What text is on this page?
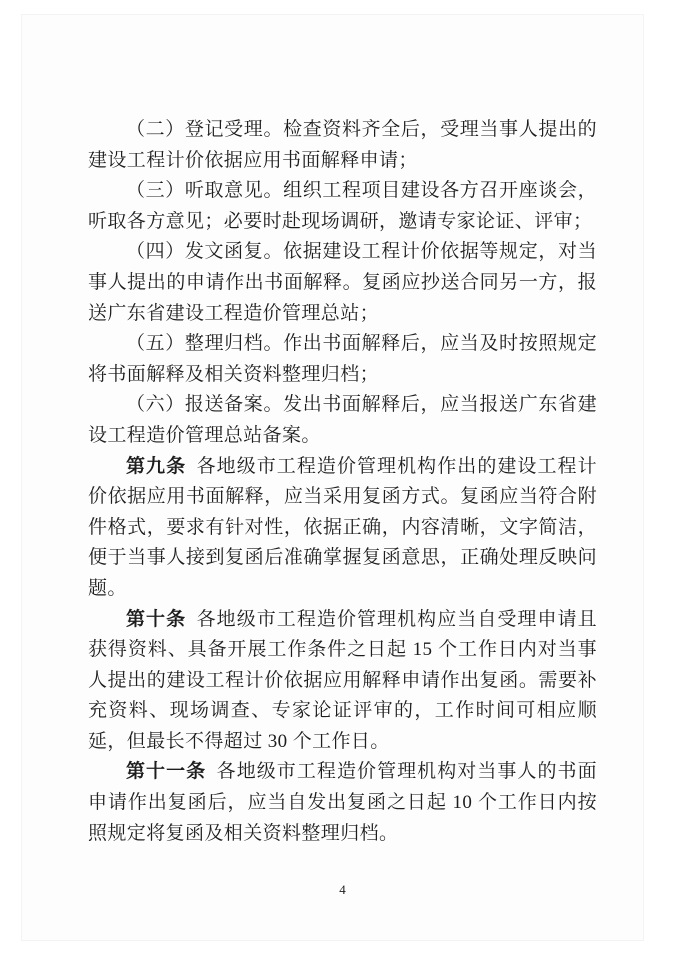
（二）登记受理。检查资料齐全后，受理当事人提出的建设工程计价依据应用书面解释申请；

（三）听取意见。组织工程项目建设各方召开座谈会，听取各方意见；必要时赴现场调研，邀请专家论证、评审；

（四）发文函复。依据建设工程计价依据等规定，对当事人提出的申请作出书面解释。复函应抄送合同另一方，报送广东省建设工程造价管理总站；

（五）整理归档。作出书面解释后，应当及时按照规定将书面解释及相关资料整理归档；

（六）报送备案。发出书面解释后，应当报送广东省建设工程造价管理总站备案。

第九条 各地级市工程造价管理机构作出的建设工程计价依据应用书面解释，应当采用复函方式。复函应当符合附件格式，要求有针对性，依据正确，内容清晰，文字简洁，便于当事人接到复函后准确掌握复函意思，正确处理反映问题。

第十条 各地级市工程造价管理机构应当自受理申请且获得资料、具备开展工作条件之日起 15 个工作日内对当事人提出的建设工程计价依据应用解释申请作出复函。需要补充资料、现场调查、专家论证评审的，工作时间可相应顺延，但最长不得超过 30 个工作日。

第十一条 各地级市工程造价管理机构对当事人的书面申请作出复函后，应当自发出复函之日起 10 个工作日内按照规定将复函及相关资料整理归档。

4
